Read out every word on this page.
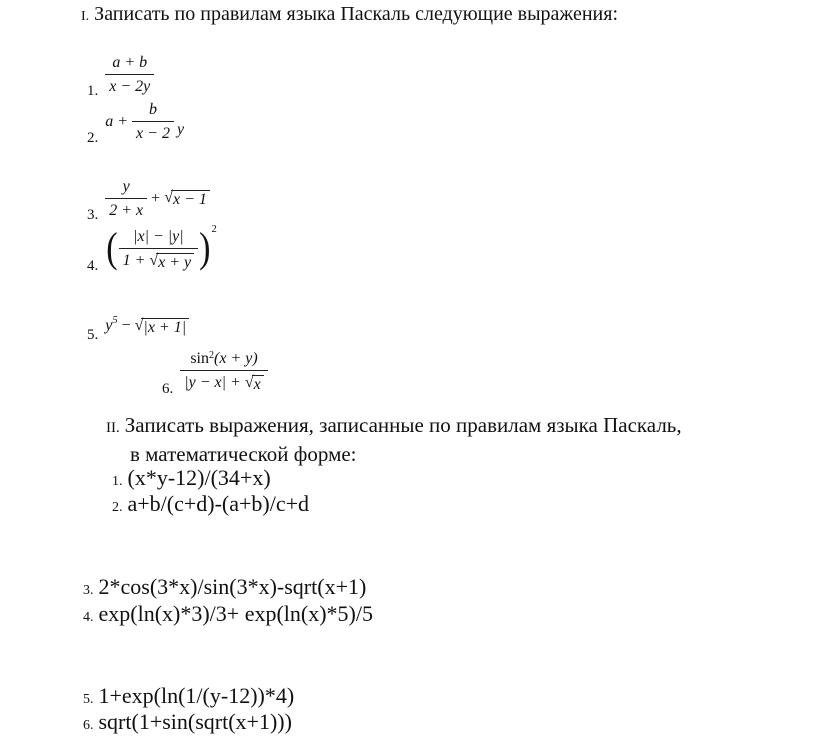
I. Записать по правилам языка Паскаль следующие выражения:
1. $\frac{a + b}{x - 2y}$
2.
$a + \frac{b}{x - 2}$ y
3. $\frac{y}{2 + x}$ + √ x − 1
4. ( $\frac{|x| - |y|}{1 + √ x + y}$ ) 2
5.
y 5 − √ |x + 1|
6. $\frac{\sin^2(x + y)}{|y - x| + √ x}$
II. Записать выражения, записанные по правилам языка Паскаль,
в математической форме:
1. (x*y-12)/(34+x)
2. a+b/(c+d)-(a+b)/c+d
3. 2*cos(3*x)/sin(3*x)-sqrt(x+1)
4. exp(ln(x)*3)/3+ exp(ln(x)*5)/5
5. 1+exp(ln(1/(y-12))*4)
6. sqrt(1+sin(sqrt(x+1)))
